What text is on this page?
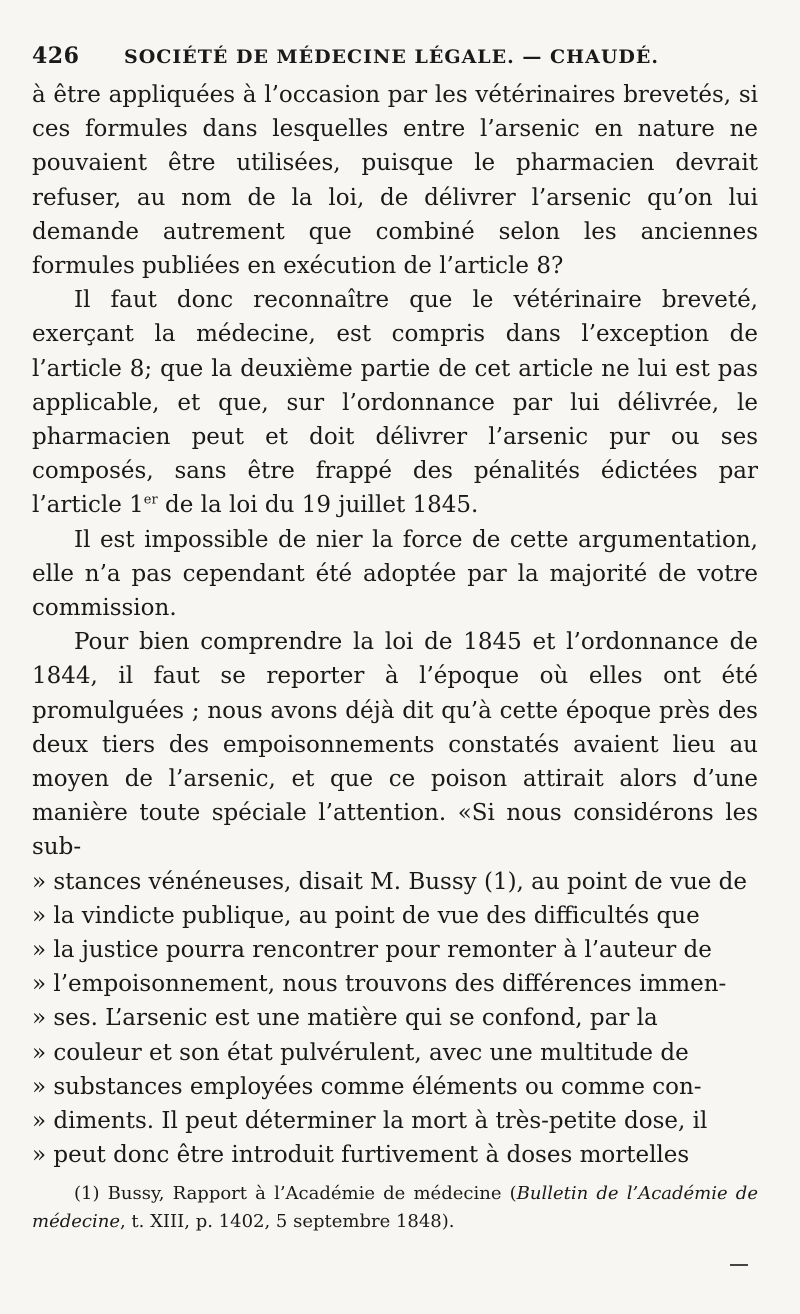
426 SOCIÉTÉ DE MÉDECINE LÉGALE. — CHAUDÉ.

à être appliquées à l’occasion par les vétérinaires brevetés, si ces formules dans lesquelles entre l’arsenic en nature ne pouvaient être utilisées, puisque le pharmacien devrait refuser, au nom de la loi, de délivrer l’arsenic qu’on lui demande autrement que combiné selon les anciennes formules publiées en exécution de l’article 8?

Il faut donc reconnaître que le vétérinaire breveté, exerçant la médecine, est compris dans l’exception de l’article 8; que la deuxième partie de cet article ne lui est pas applicable, et que, sur l’ordonnance par lui délivrée, le pharmacien peut et doit délivrer l’arsenic pur ou ses composés, sans être frappé des pénalités édictées par l’article 1er de la loi du 19 juillet 1845.

Il est impossible de nier la force de cette argumentation, elle n’a pas cependant été adoptée par la majorité de votre commission.

Pour bien comprendre la loi de 1845 et l’ordonnance de 1844, il faut se reporter à l’époque où elles ont été promulguées ; nous avons déjà dit qu’à cette époque près des deux tiers des empoisonnements constatés avaient lieu au moyen de l’arsenic, et que ce poison attirait alors d’une manière toute spéciale l’attention. «Si nous considérons les sub-

» stances vénéneuses, disait M. Bussy (1), au point de vue de
» la vindicte publique, au point de vue des difficultés que
» la justice pourra rencontrer pour remonter à l’auteur de
» l’empoisonnement, nous trouvons des différences immen-
» ses. L’arsenic est une matière qui se confond, par la
» couleur et son état pulvérulent, avec une multitude de
» substances employées comme éléments ou comme con-
» diments. Il peut déterminer la mort à très-petite dose, il
» peut donc être introduit furtivement à doses mortelles
(1) Bussy, Rapport à l’Académie de médecine (Bulletin de l’Académie de médecine, t. XIII, p. 1402, 5 septembre 1848).
